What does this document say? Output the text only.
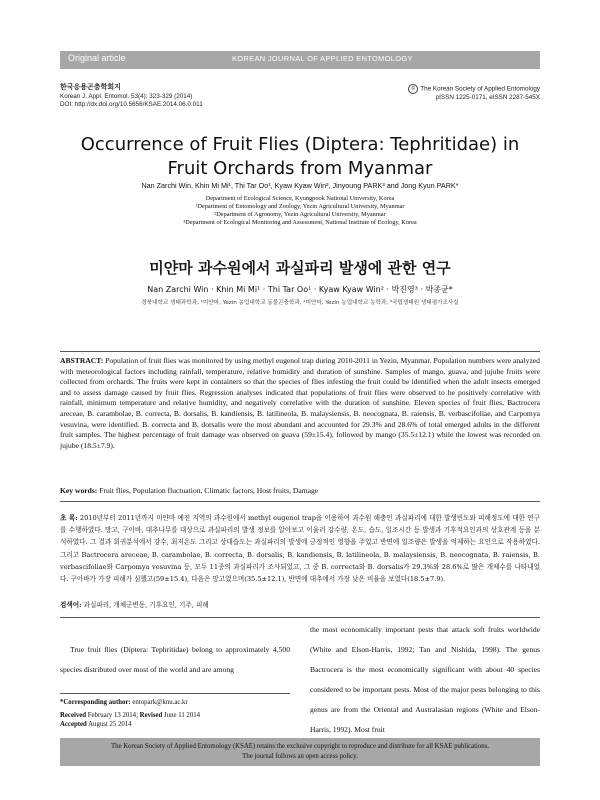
Original article	KOREAN JOURNAL OF APPLIED ENTOMOLOGY
한국응용곤충학회지
Korean J. Appl. Entomol. 53(4): 323-329 (2014)
DOI: http://dx.doi.org/10.5656/KSAE.2014.06.0.011
© The Korean Society of Applied Entomology
pISSN 1225-0171, eISSN 2287-545X
Occurrence of Fruit Flies (Diptera: Tephritidae) in
Fruit Orchards from Myanmar
Nan Zarchi Win, Khin Mi Mi¹, Thi Tar Oo¹, Kyaw Kyaw Win², Jinyoung PARK³ and Jong Kyun PARK*
Department of Ecological Science, Kyungpook National University, Korea
¹Department of Entomology and Zoology, Yezin Agricultural University, Myanmar
²Department of Agronomy, Yezin Agricultural University, Myanmar
³Department of Ecological Monitoring and Assessment, National Institute of Ecology, Korea
미얀마 과수원에서 과실파리 발생에 관한 연구
Nan Zarchi Win · Khin Mi Mi¹ · Thi Tar Oo¹ · Kyaw Kyaw Win² · 박진영³ · 박종균*
경북대학교 생태과학과, ¹미얀마, Yezin 농업대학교 동물곤충학과, ²미얀마, Yezin 농업대학교 농학과, ³국립생태원 생태평가조사실
ABSTRACT: Population of fruit flies was monitored by using methyl eugenol trap during 2010-2011 in Yezin, Myanmar. Population numbers were analyzed with meteorological factors including rainfall, temperature, relative humidity and duration of sunshine. Samples of mango, guava, and jujube fruits were collected from orchards. The fruits were kept in containers so that the species of flies infesting the fruit could be identified when the adult insects emerged and to assess damage caused by fruit flies. Regression analyses indicated that populations of fruit flies were observed to be positively correlative with rainfall, minimum temperature and relative humidity, and negatively correlative with the duration of sunshine. Eleven species of fruit flies, Bactrocera areceae, B. carambolae, B. correcta, B. dorsalis, B. kandiensis, B. latilineola, B. malaysiensis, B. neocognata, B. raiensis, B. verbascifoliae, and Carpomya vesuvina, were identified. B. correcta and B. dorsalis were the most abundant and accounted for 29.3% and 28.6% of total emerged adults in the different fruit samples. The highest percentage of fruit damage was observed on guava (59±15.4), followed by mango (35.5±12.1) while the lowest was recorded on jujube (18.5±7.9).
Key words: Fruit flies, Population fluctuation, Climatic factors, Host fruits, Damage
초 록: 2010년부터 2011년까지 미얀마 예진 지역의 과수원에서 methyl eugenol trap을 이용하여 과수원 해충인 과실파리에 대한 발생빈도와 피해정도에 대한 연구를 수행하였다. 망고, 구아바, 대추나무를 대상으로 과실파리의 발생 정보를 알아보고 이울러 강수량, 온도, 습도, 일조시간 등 발생과 기후적요인과의 상호관계 등을 분석하였다. 그 결과 회귀분석에서 강수, 최저온도 그리고 상대습도는 과실파리의 발생에 긍정적인 영향을 주었고 반면에 일조량은 발생을 억제하는 요인으로 작용하였다. 그리고 Bactrocera areceae, B. carambolae, B. correcta, B. dorsalis, B. kandiensis, B. latilineola, B. malaysiensis, B. neocognata, B. raiensis, B. verbascifoliae와 Carpomya vesuvina 등, 모두 11종의 과실파리가 조사되었고, 그 중 B. correcta와 B. dorsalis가 29.3%와 28.6%로 많은 개체수를 나타내었다. 구아바가 가장 피해가 심했고(59±15.4), 다음은 망고였으며(35.5±12.1), 반면에 대추에서 가장 낮은 비율을 보였다(18.5±7.9).
검색어: 과실파리, 개체군변동, 기후요인, 기주, 피해
True fruit flies (Diptera: Tephritidae) belong to approximately 4,500 species distributed over most of the world and are among
the most economically important pests that attack soft fruits worldwide (White and Elson-Harris, 1992; Tan and Nishida, 1998). The genus Bactrocera is the most economically significant with about 40 species considered to be important pests. Most of the major pests belonging to this genus are from the Oriental and Australasian regions (White and Elson-Harris, 1992). Most fruit
*Corresponding author: entopark@knu.ac.kr
Received February 13 2014; Revised June 11 2014
Accepted August 25 2014
The Korean Society of Applied Entomology (KSAE) retains the exclusive copyright to reproduce and distribute for all KSAE publications.
The journal follows an open access policy.
